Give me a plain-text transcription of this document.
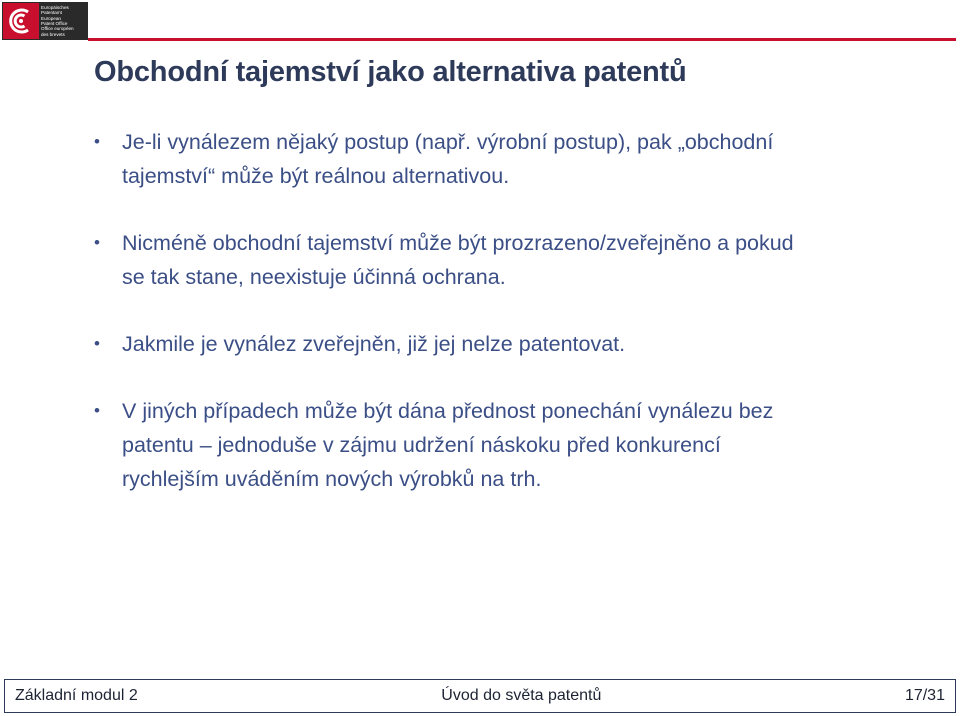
Europäisches
Patentamt
European
Patent Office
Office européen
des brevets
Obchodní tajemství jako alternativa patentů
• Je-li vynálezem nějaký postup (např. výrobní postup), pak „obchodní
tajemství“ může být reálnou alternativou.
• Nicméně obchodní tajemství může být prozrazeno/zveřejněno a pokud
se tak stane, neexistuje účinná ochrana.
• Jakmile je vynález zveřejněn, již jej nelze patentovat.
• V jiných případech může být dána přednost ponechání vynálezu bez
patentu – jednoduše v zájmu udržení náskoku před konkurencí
rychlejším uváděním nových výrobků na trh.
Základní modul 2	Úvod do světa patentů	17/31
